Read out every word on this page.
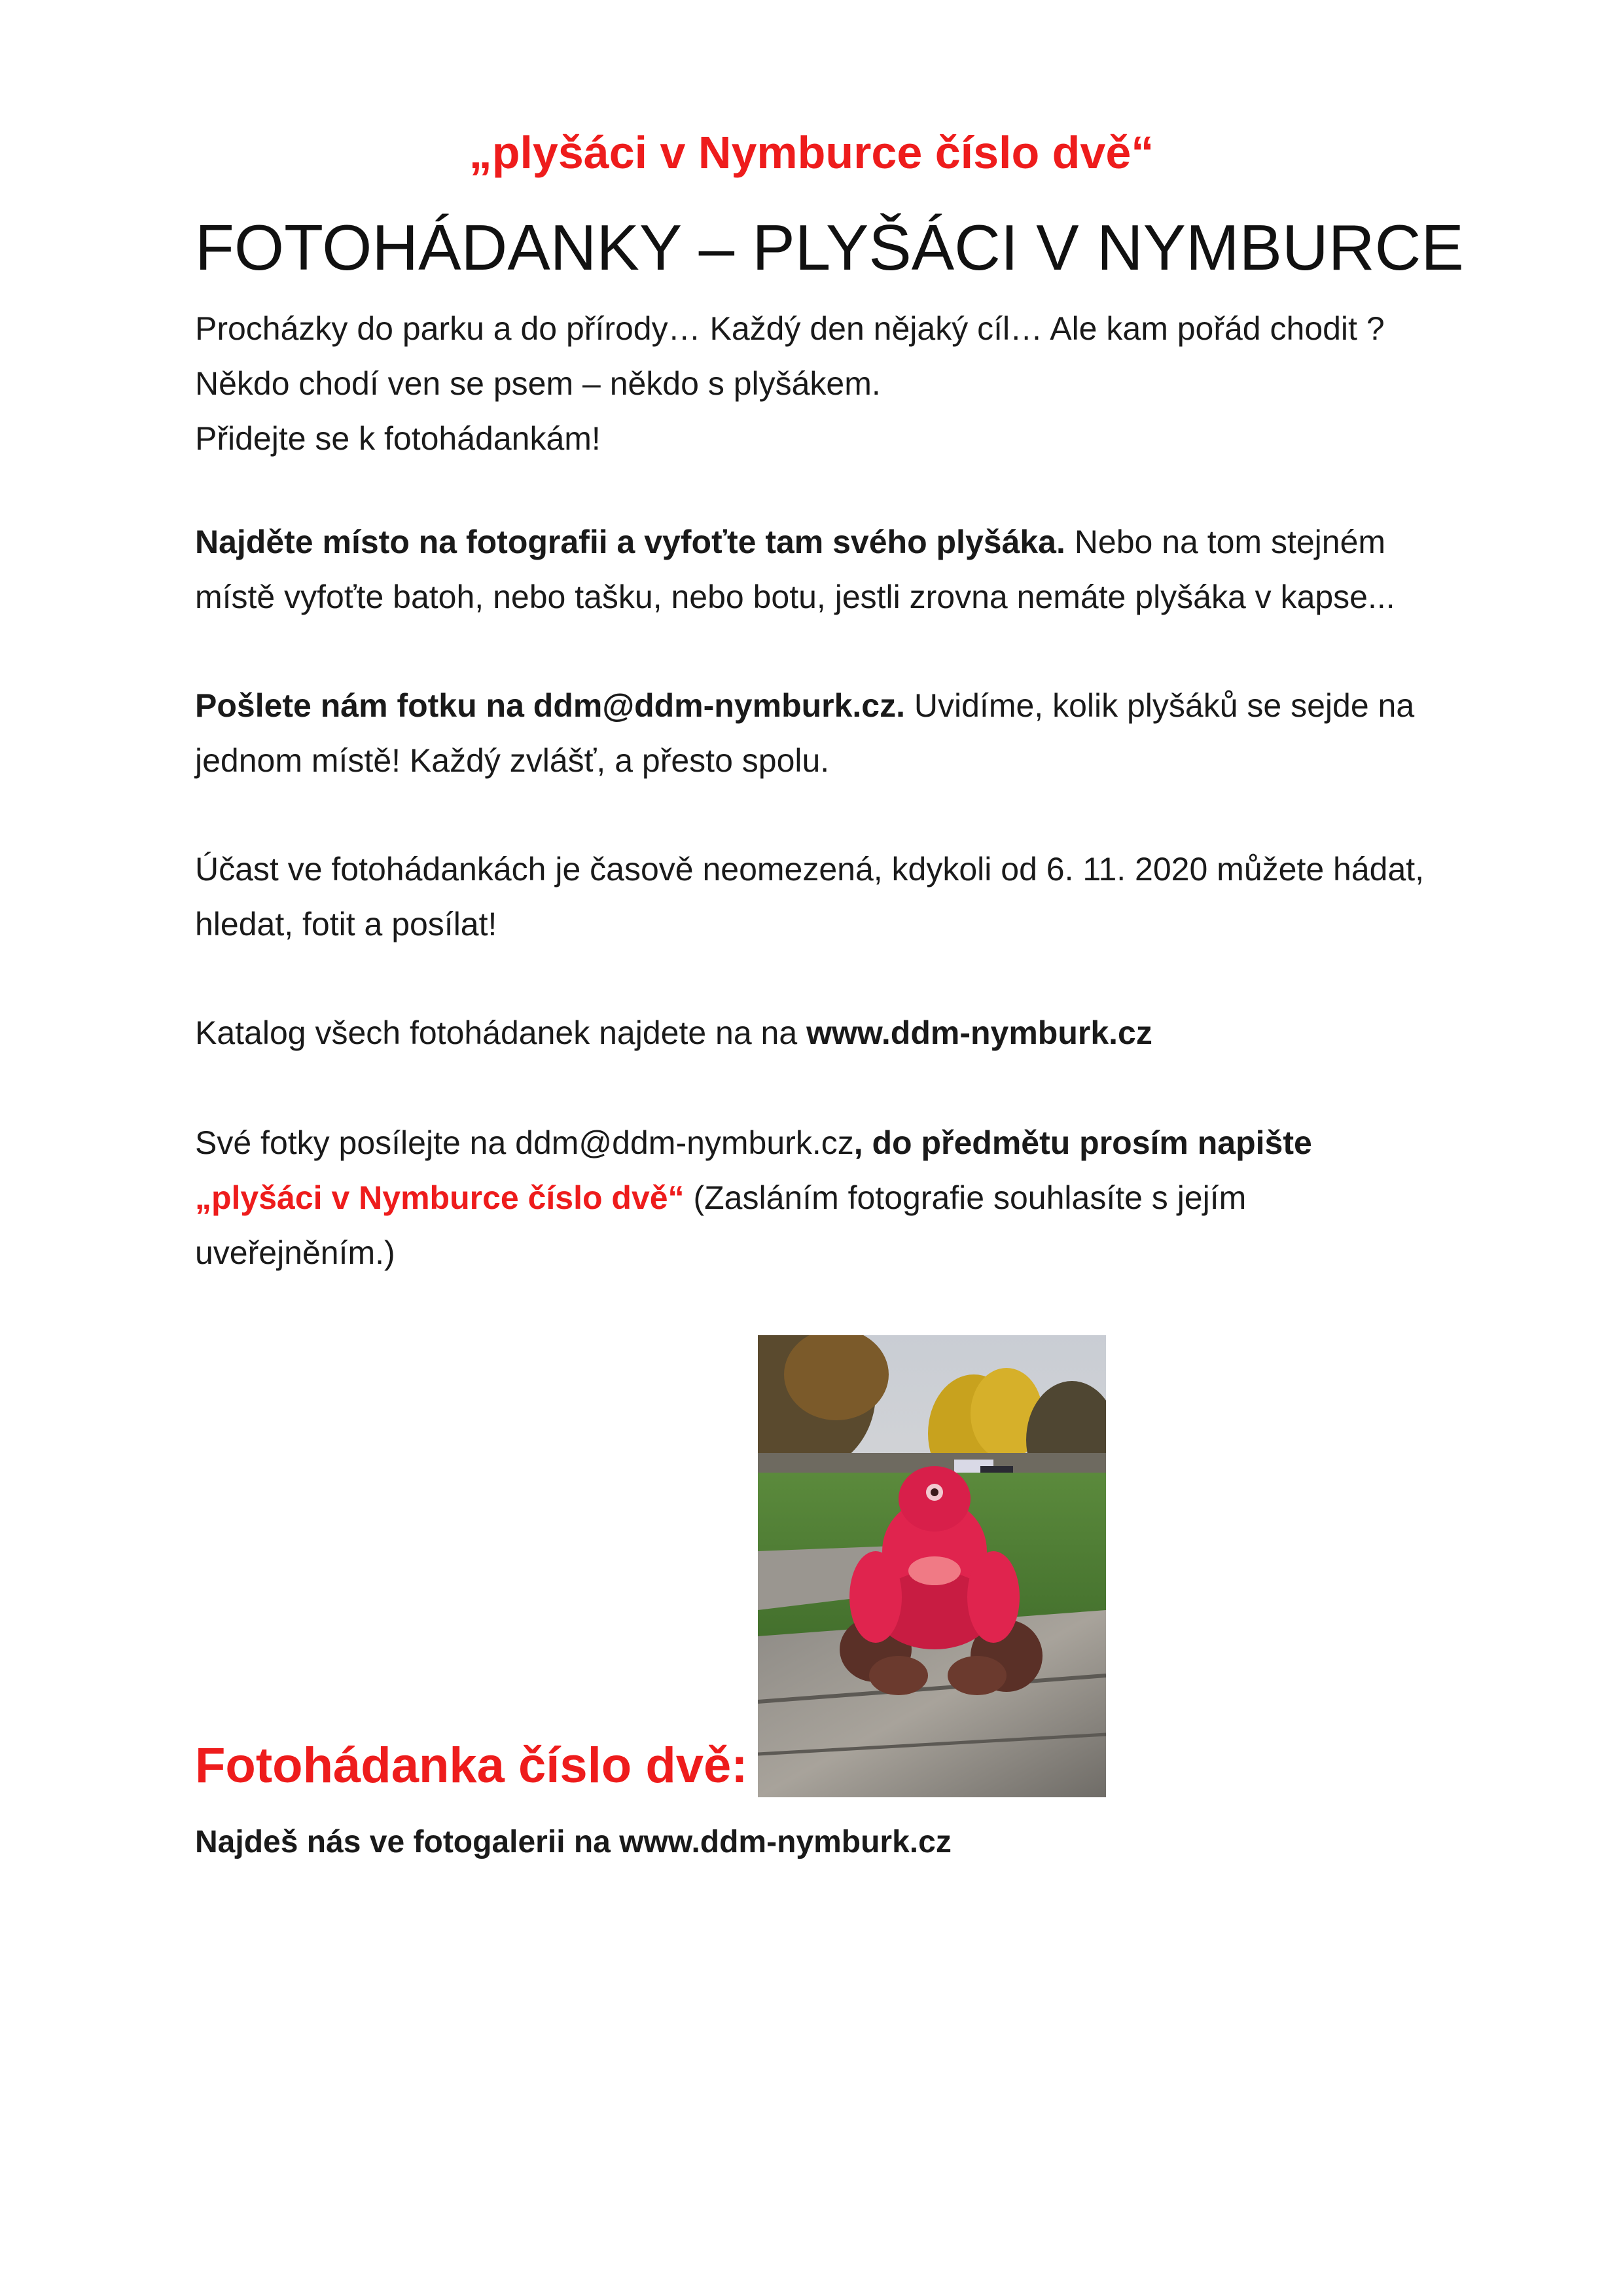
„plyšáci v Nymburce číslo dvě“
FOTOHÁDANKY – PLYŠÁCI V NYMBURCE

Procházky do parku a do přírody… Každý den nějaký cíl… Ale kam pořád chodit ?

Někdo chodí ven se psem – někdo s plyšákem.

Přidejte se k fotohádankám!

Najděte místo na fotografii a vyfoťte tam svého plyšáka. Nebo na tom stejném

místě vyfoťte batoh, nebo tašku, nebo botu, jestli zrovna nemáte plyšáka v kapse...

Pošlete nám fotku na ddm@ddm-nymburk.cz. Uvidíme, kolik plyšáků se sejde na

jednom místě! Každý zvlášť, a přesto spolu.

Účast ve fotohádankách je časově neomezená, kdykoli od 6. 11. 2020 můžete hádat,

hledat, fotit a posílat!

Katalog všech fotohádanek najdete na na www.ddm-nymburk.cz

Své fotky posílejte na ddm@ddm-nymburk.cz, do předmětu prosím napište

„plyšáci v Nymburce číslo dvě“ (Zasláním fotografie souhlasíte s jejím

uveřejněním.)

Fotohádanka číslo dvě:
Najdeš nás ve fotogalerii na www.ddm-nymburk.cz
